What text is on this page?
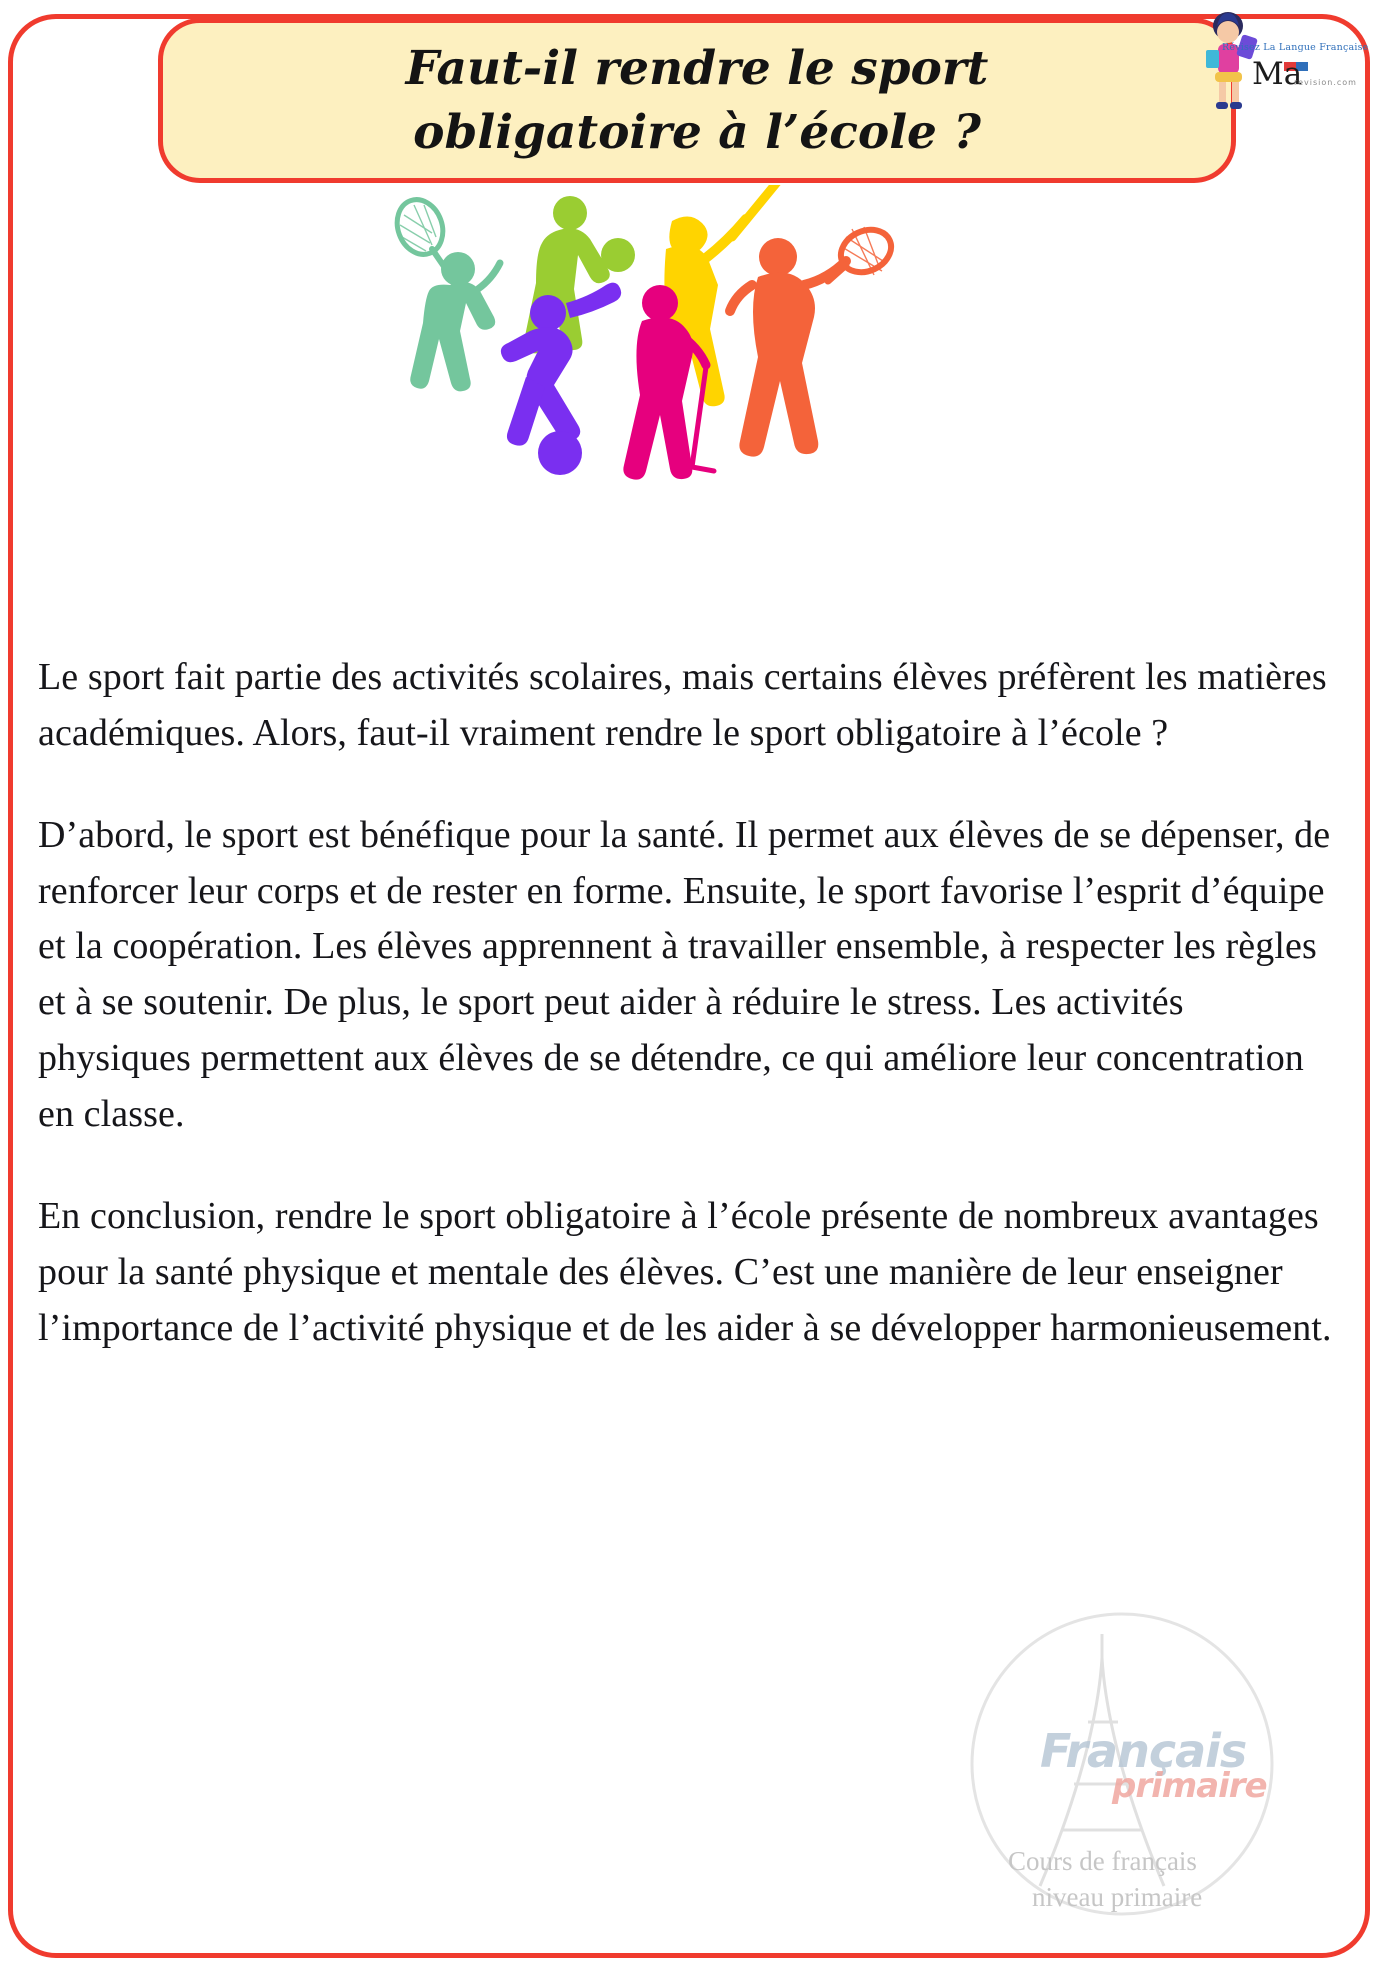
Faut-il rendre le sport
obligatoire à l’école ?
Révisez La Langue Française
Ma
revision.com
Français
primaire
Cours de français
niveau primaire

Le sport fait partie des activités scolaires, mais certains élèves préfèrent les matières académiques. Alors, faut-il vraiment rendre le sport obligatoire à l’école ?

D’abord, le sport est bénéfique pour la santé. Il permet aux élèves de se dépenser, de renforcer leur corps et de rester en forme. Ensuite, le sport favorise l’esprit d’équipe et la coopération. Les élèves apprennent à travailler ensemble, à respecter les règles et à se soutenir. De plus, le sport peut aider à réduire le stress. Les activités physiques permettent aux élèves de se détendre, ce qui améliore leur concentration en classe.

En conclusion, rendre le sport obligatoire à l’école présente de nombreux avantages pour la santé physique et mentale des élèves. C’est une manière de leur enseigner l’importance de l’activité physique et de les aider à se développer harmonieusement.
